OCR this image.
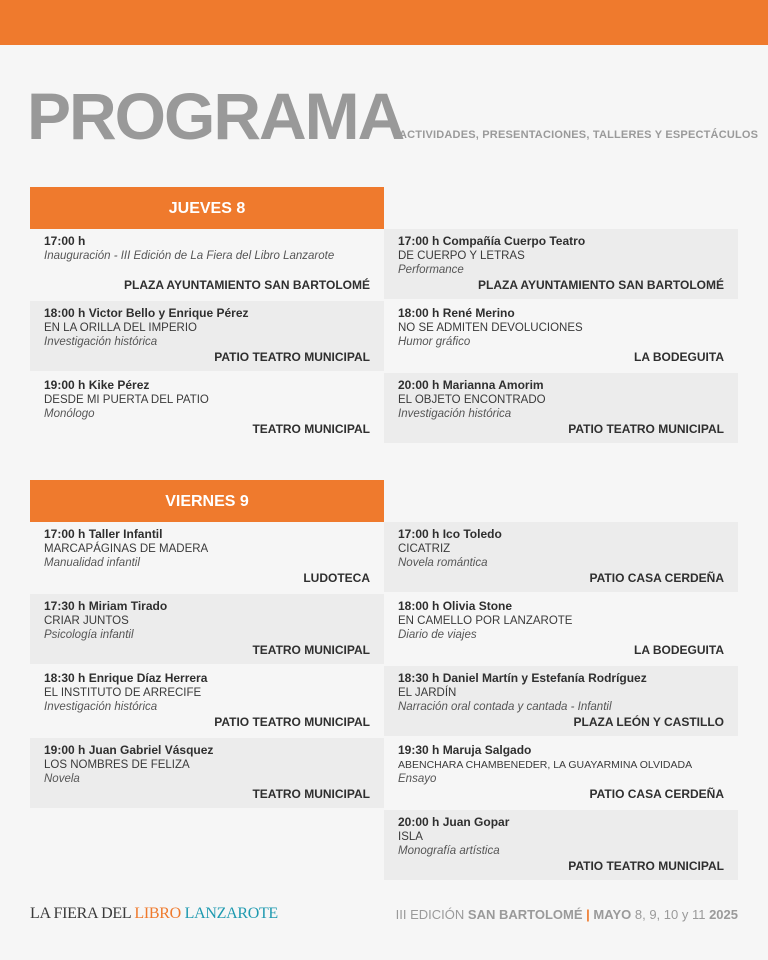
PROGRAMA
ACTIVIDADES, PRESENTACIONES, TALLERES Y ESPECTÁCULOS
JUEVES 8
17:00 h
Inauguración - III Edición de La Fiera del Libro Lanzarote
PLAZA AYUNTAMIENTO SAN BARTOLOMÉ
17:00 h Compañía Cuerpo Teatro
DE CUERPO Y LETRAS
Performance
PLAZA AYUNTAMIENTO SAN BARTOLOMÉ
18:00 h Victor Bello y Enrique Pérez
EN LA ORILLA DEL IMPERIO
Investigación histórica
PATIO TEATRO MUNICIPAL
18:00 h René Merino
NO SE ADMITEN DEVOLUCIONES
Humor gráfico
LA BODEGUITA
19:00 h Kike Pérez
DESDE MI PUERTA DEL PATIO
Monólogo
TEATRO MUNICIPAL
20:00 h Marianna Amorim
EL OBJETO ENCONTRADO
Investigación histórica
PATIO TEATRO MUNICIPAL
VIERNES 9
17:00 h Taller Infantil
MARCAPÁGINAS DE MADERA
Manualidad infantil
LUDOTECA
17:00 h Ico Toledo
CICATRIZ
Novela romántica
PATIO CASA CERDEÑA
17:30 h Miriam Tirado
CRIAR JUNTOS
Psicología infantil
TEATRO MUNICIPAL
18:00 h Olivia Stone
EN CAMELLO POR LANZAROTE
Diario de viajes
LA BODEGUITA
18:30 h Enrique Díaz Herrera
EL INSTITUTO DE ARRECIFE
Investigación histórica
PATIO TEATRO MUNICIPAL
18:30 h Daniel Martín y Estefanía Rodríguez
EL JARDÍN
Narración oral contada y cantada - Infantil
PLAZA LEÓN Y CASTILLO
19:00 h Juan Gabriel Vásquez
LOS NOMBRES DE FELIZA
Novela
TEATRO MUNICIPAL
19:30 h Maruja Salgado
ABENCHARA CHAMBENEDER, LA GUAYARMINA OLVIDADA
Ensayo
PATIO CASA CERDEÑA
20:00 h Juan Gopar
ISLA
Monografía artística
PATIO TEATRO MUNICIPAL
LA FIERA DEL LIBRO LANZAROTE	III EDICIÓN SAN BARTOLOMÉ | MAYO 8, 9, 10 y 11 2025
